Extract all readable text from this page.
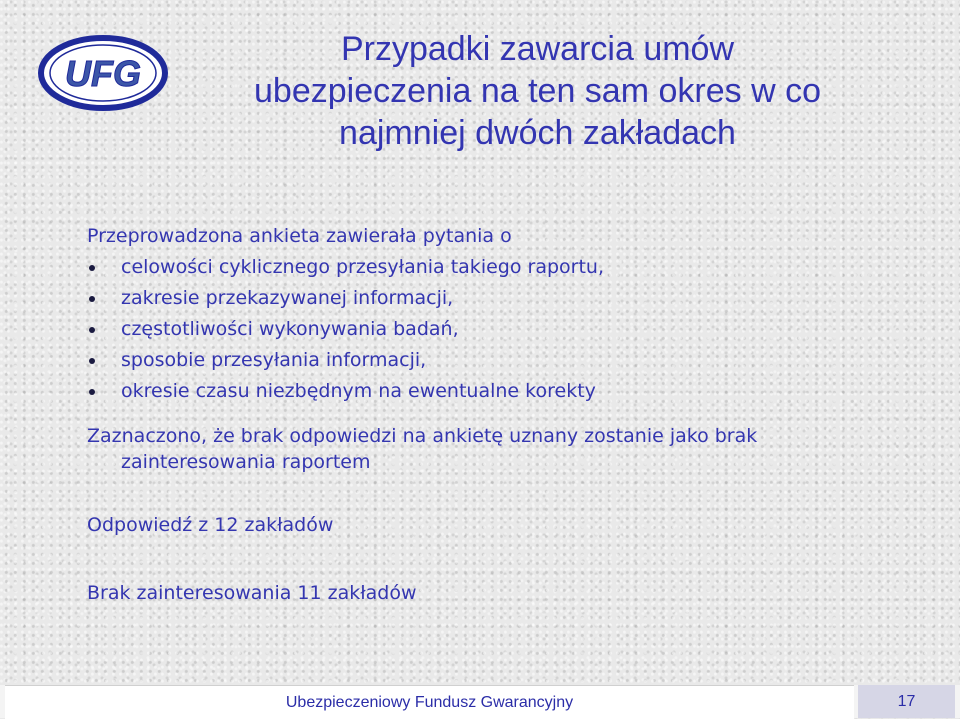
UFG
Przypadki zawarcia umów
ubezpieczenia na ten sam okres w co
najmniej dwóch zakładach
Przeprowadzona ankieta zawierała pytania o
celowości cyklicznego przesyłania takiego raportu,
zakresie przekazywanej informacji,
częstotliwości wykonywania badań,
sposobie przesyłania informacji,
okresie czasu niezbędnym na ewentualne korekty
Zaznaczono, że brak odpowiedzi na ankietę uznany zostanie jako brak
zainteresowania raportem
Odpowiedź z 12 zakładów
Brak zainteresowania 11 zakładów
Ubezpieczeniowy Fundusz Gwarancyjny	17
